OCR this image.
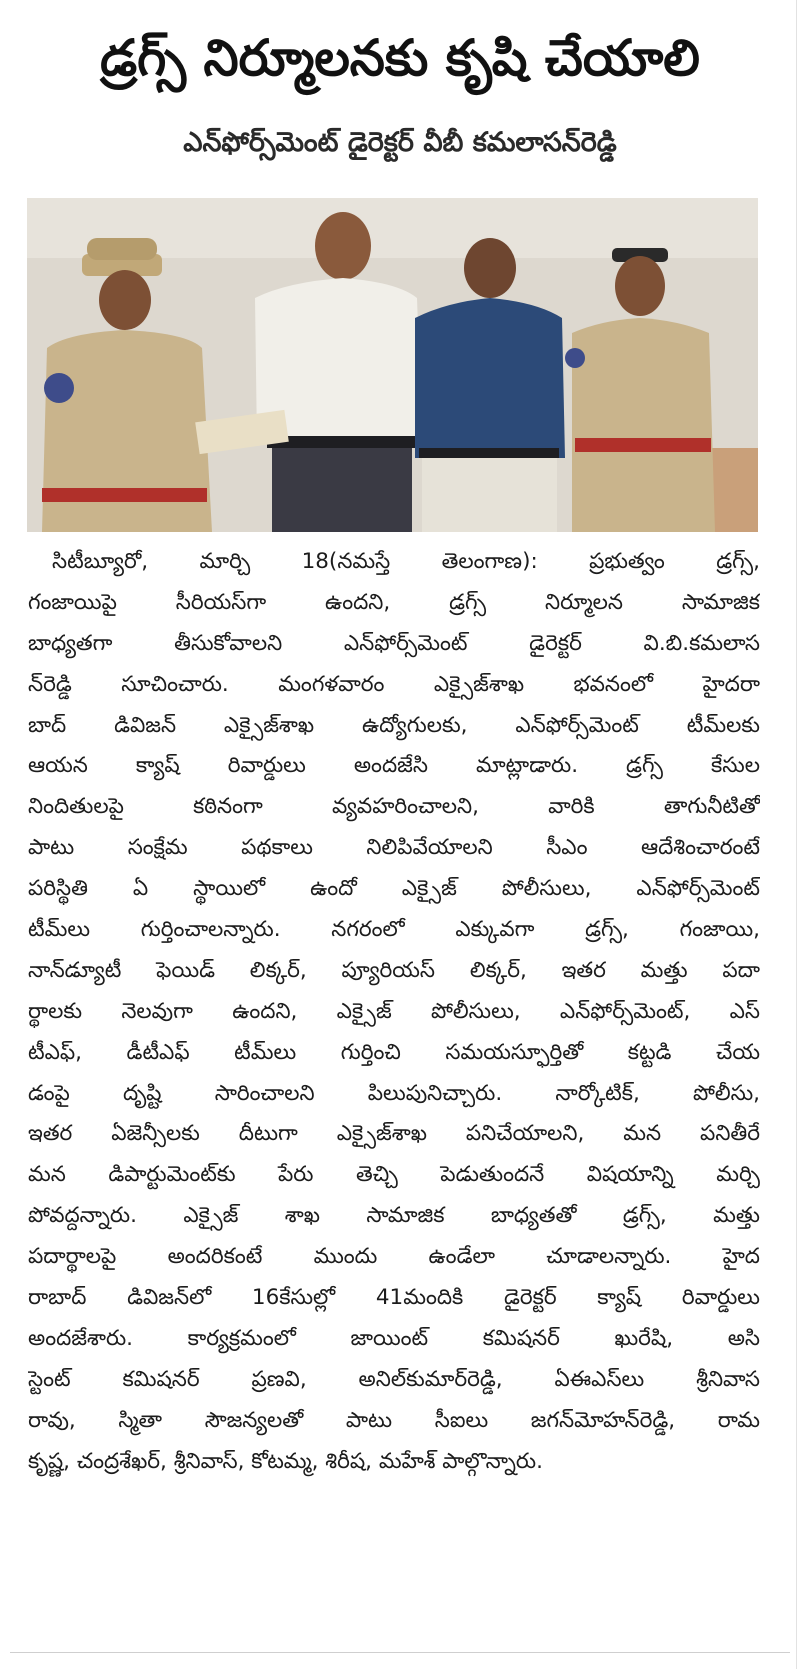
డ్రగ్స్‌ నిర్మూలనకు కృషి చేయాలి
ఎన్‌ఫోర్స్‌మెంట్‌ డైరెక్టర్‌ వీబీ కమలాసన్‌రెడ్డి
సిటీబ్యూరో, మార్చి 18(నమస్తే తెలంగాణ): ప్రభుత్వం డ్రగ్స్‌,
గంజాయిపై సీరియస్‌గా ఉందని, డ్రగ్స్‌ నిర్మూలన సామాజిక
బాధ్యతగా తీసుకోవాలని ఎన్‌ఫోర్స్‌మెంట్‌ డైరెక్టర్‌ వి.బి.కమలాస
న్‌రెడ్డి సూచించారు. మంగళవారం ఎక్సైజ్‌శాఖ భవనంలో హైదరా
బాద్‌ డివిజన్‌ ఎక్సైజ్‌శాఖ ఉద్యోగులకు, ఎన్‌ఫోర్స్‌మెంట్‌ టీమ్‌లకు
ఆయన క్యాష్‌ రివార్డులు అందజేసి మాట్లాడారు. డ్రగ్స్‌ కేసుల
నిందితులపై కఠినంగా వ్యవహరించాలని, వారికి తాగునీటితో
పాటు సంక్షేమ పథకాలు నిలిపివేయాలని సీఎం ఆదేశించారంటే
పరిస్థితి ఏ స్థాయిలో ఉందో ఎక్సైజ్‌ పోలీసులు, ఎన్‌ఫోర్స్‌మెంట్‌
టీమ్‌లు గుర్తించాలన్నారు. నగరంలో ఎక్కువగా డ్రగ్స్‌, గంజాయి,
నాన్‌డ్యూటీ ఫెయిడ్‌ లిక్కర్‌, ప్యూరియస్‌ లిక్కర్‌, ఇతర మత్తు పదా
ర్థాలకు నెలవుగా ఉందని, ఎక్సైజ్‌ పోలీసులు, ఎన్‌ఫోర్స్‌మెంట్‌, ఎస్‌
టీఎఫ్‌, డీటీఎఫ్‌ టీమ్‌లు గుర్తించి సమయస్ఫూర్తితో కట్టడి చేయ
డంపై దృష్టి సారించాలని పిలుపునిచ్చారు. నార్కోటిక్‌, పోలీసు,
ఇతర ఏజెన్సీలకు దీటుగా ఎక్సైజ్‌శాఖ పనిచేయాలని, మన పనితీరే
మన డిపార్టుమెంట్‌కు పేరు తెచ్చి పెడుతుందనే విషయాన్ని మర్చి
పోవద్దన్నారు. ఎక్సైజ్‌ శాఖ సామాజిక బాధ్యతతో డ్రగ్స్‌, మత్తు
పదార్థాలపై అందరికంటే ముందు ఉండేలా చూడాలన్నారు. హైద
రాబాద్‌ డివిజన్‌లో 16కేసుల్లో 41మందికి డైరెక్టర్‌ క్యాష్‌ రివార్డులు
అందజేశారు. కార్యక్రమంలో జాయింట్‌ కమిషనర్‌ ఖురేషి, అసి
స్టెంట్‌ కమిషనర్‌ ప్రణవి, అనిల్‌కుమార్‌రెడ్డి, ఏఈఎస్‌లు శ్రీనివాస
రావు, స్మితా సౌజన్యలతో పాటు సీఐలు జగన్‌మోహన్‌రెడ్డి, రామ
కృష్ణ, చంద్రశేఖర్‌, శ్రీనివాస్‌, కోటమ్మ, శిరీష, మహేశ్‌ పాల్గొన్నారు.
